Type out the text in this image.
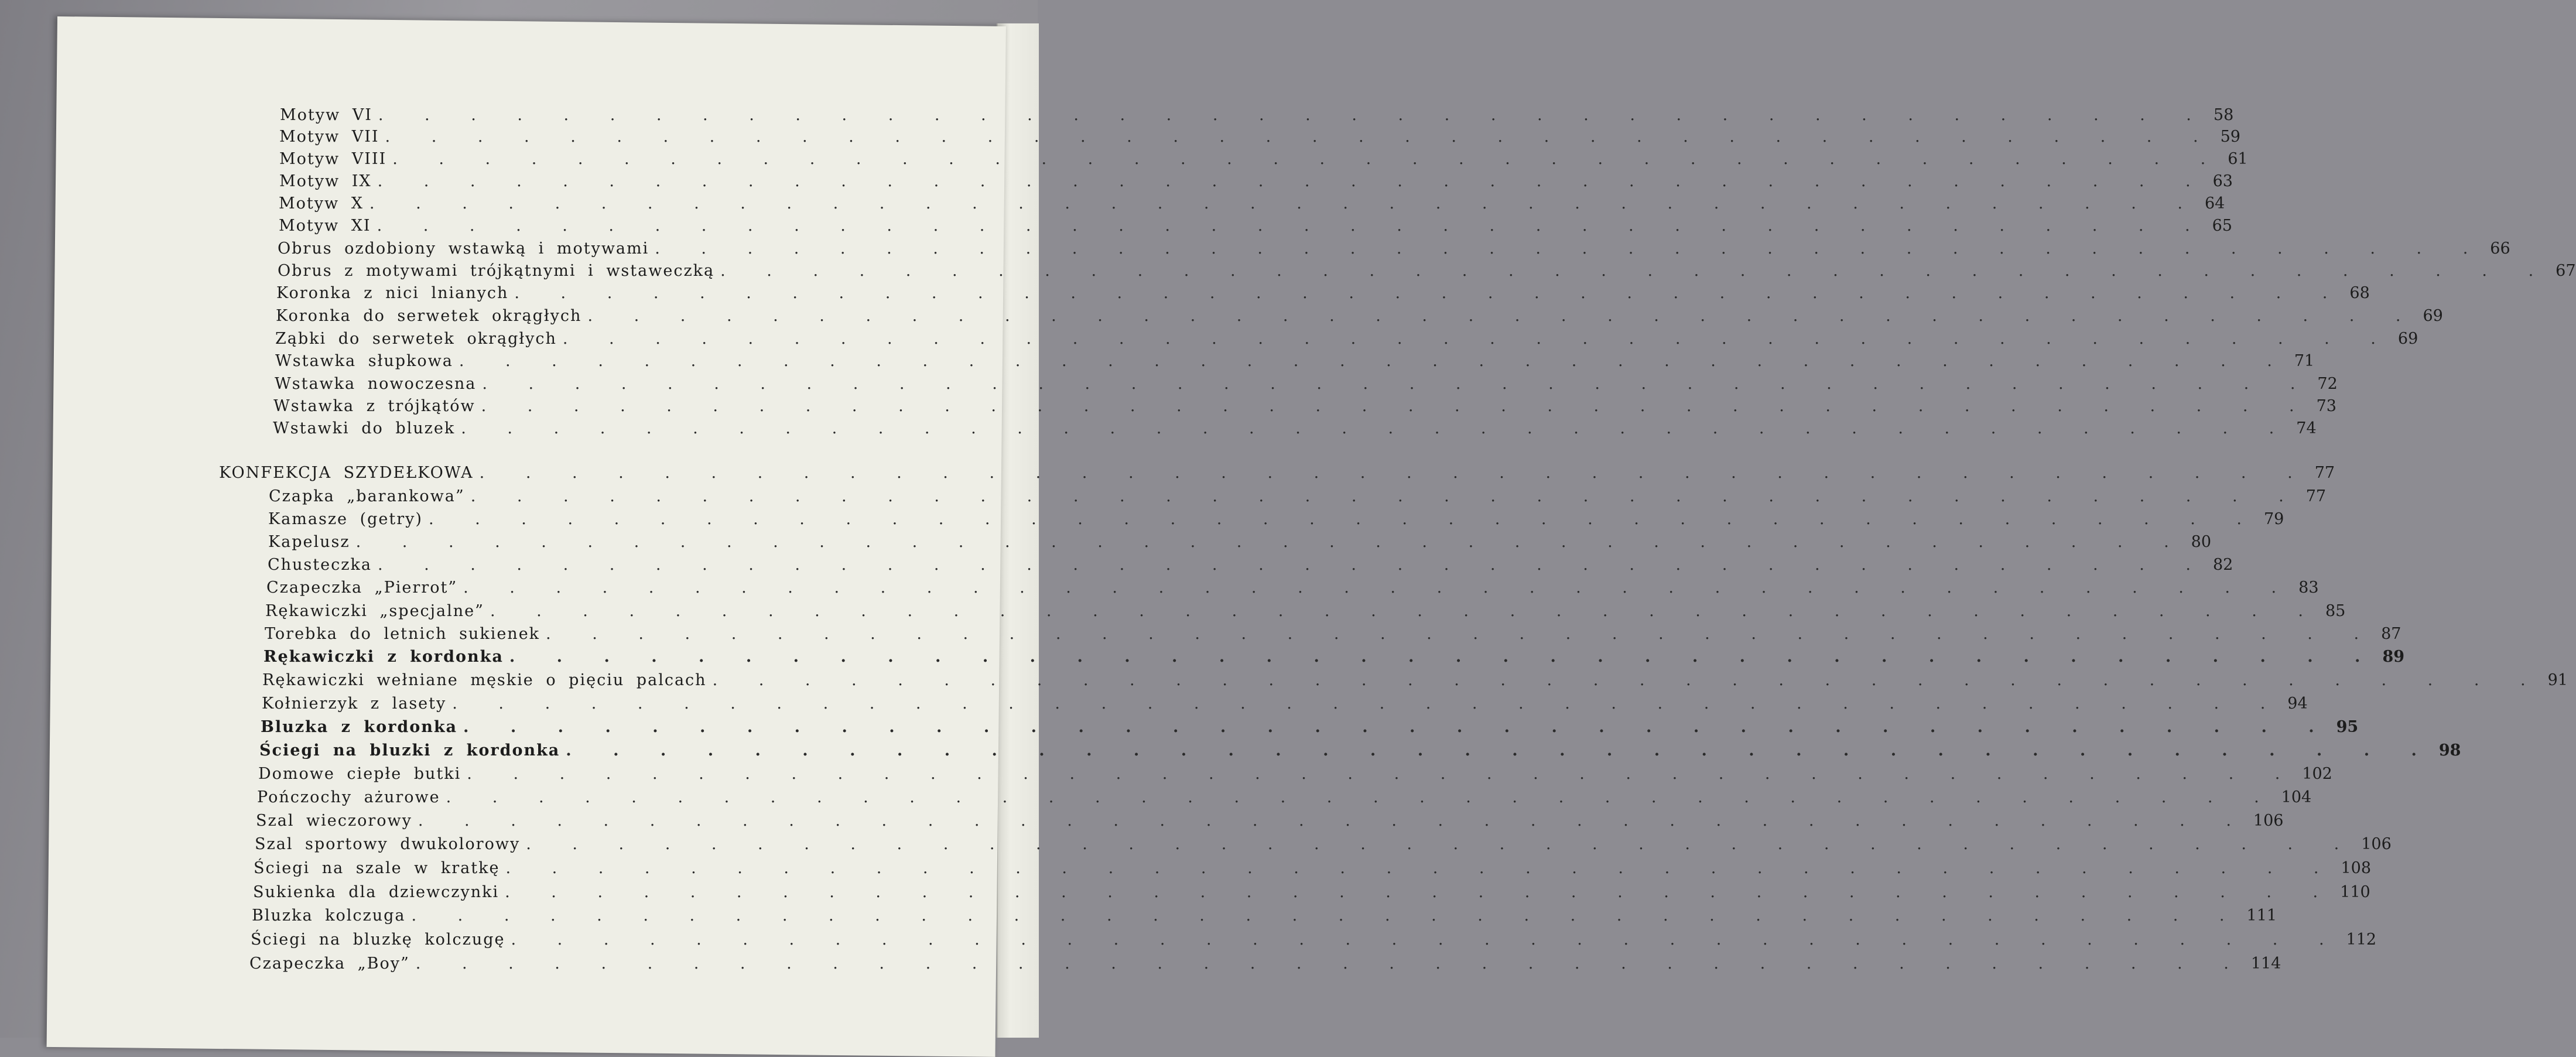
Motyw VI . . . . . . . . . . . . . . . . . . . . . . . . . . . . . . . . . . . . . . . . 58
Motyw VII . . . . . . . . . . . . . . . . . . . . . . . . . . . . . . . . . . . . . . . . 59
Motyw VIII . . . . . . . . . . . . . . . . . . . . . . . . . . . . . . . . . . . . . . . . 61
Motyw IX . . . . . . . . . . . . . . . . . . . . . . . . . . . . . . . . . . . . . . . . 63
Motyw X . . . . . . . . . . . . . . . . . . . . . . . . . . . . . . . . . . . . . . . . 64
Motyw XI . . . . . . . . . . . . . . . . . . . . . . . . . . . . . . . . . . . . . . . . 65
Obrus ozdobiony wstawką i motywami . . . . . . . . . . . . . . . . . . . . . . . . . . . . . . . . . . . . . . . . 66
Obrus z motywami trójkątnymi i wstaweczką . . . . . . . . . . . . . . . . . . . . . . . . . . . . . . . . . . . . . . . . 67
Koronka z nici lnianych . . . . . . . . . . . . . . . . . . . . . . . . . . . . . . . . . . . . . . . . 68
Koronka do serwetek okrągłych . . . . . . . . . . . . . . . . . . . . . . . . . . . . . . . . . . . . . . . . 69
Ząbki do serwetek okrągłych . . . . . . . . . . . . . . . . . . . . . . . . . . . . . . . . . . . . . . . . 69
Wstawka słupkowa . . . . . . . . . . . . . . . . . . . . . . . . . . . . . . . . . . . . . . . . 71
Wstawka nowoczesna . . . . . . . . . . . . . . . . . . . . . . . . . . . . . . . . . . . . . . . . 72
Wstawka z trójkątów . . . . . . . . . . . . . . . . . . . . . . . . . . . . . . . . . . . . . . . . 73
Wstawki do bluzek . . . . . . . . . . . . . . . . . . . . . . . . . . . . . . . . . . . . . . . . 74
KONFEKCJA SZYDEŁKOWA . . . . . . . . . . . . . . . . . . . . . . . . . . . . . . . . . . . . . . . . 77
Czapka „barankowa” . . . . . . . . . . . . . . . . . . . . . . . . . . . . . . . . . . . . . . . . 77
Kamasze (getry) . . . . . . . . . . . . . . . . . . . . . . . . . . . . . . . . . . . . . . . . 79
Kapelusz . . . . . . . . . . . . . . . . . . . . . . . . . . . . . . . . . . . . . . . . 80
Chusteczka . . . . . . . . . . . . . . . . . . . . . . . . . . . . . . . . . . . . . . . . 82
Czapeczka „Pierrot” . . . . . . . . . . . . . . . . . . . . . . . . . . . . . . . . . . . . . . . . 83
Rękawiczki „specjalne” . . . . . . . . . . . . . . . . . . . . . . . . . . . . . . . . . . . . . . . . 85
Torebka do letnich sukienek . . . . . . . . . . . . . . . . . . . . . . . . . . . . . . . . . . . . . . . . 87
Rękawiczki z kordonka . . . . . . . . . . . . . . . . . . . . . . . . . . . . . . . . . . . . . . . . 89
Rękawiczki wełniane męskie o pięciu palcach . . . . . . . . . . . . . . . . . . . . . . . . . . . . . . . . . . . . . . . . 91
Kołnierzyk z lasety . . . . . . . . . . . . . . . . . . . . . . . . . . . . . . . . . . . . . . . . 94
Bluzka z kordonka . . . . . . . . . . . . . . . . . . . . . . . . . . . . . . . . . . . . . . . . 95
Ściegi na bluzki z kordonka . . . . . . . . . . . . . . . . . . . . . . . . . . . . . . . . . . . . . . . . 98
Domowe ciepłe butki . . . . . . . . . . . . . . . . . . . . . . . . . . . . . . . . . . . . . . . . 102
Pończochy ażurowe . . . . . . . . . . . . . . . . . . . . . . . . . . . . . . . . . . . . . . . . 104
Szal wieczorowy . . . . . . . . . . . . . . . . . . . . . . . . . . . . . . . . . . . . . . . . 106
Szal sportowy dwukolorowy . . . . . . . . . . . . . . . . . . . . . . . . . . . . . . . . . . . . . . . . 106
Ściegi na szale w kratkę . . . . . . . . . . . . . . . . . . . . . . . . . . . . . . . . . . . . . . . . 108
Sukienka dla dziewczynki . . . . . . . . . . . . . . . . . . . . . . . . . . . . . . . . . . . . . . . . 110
Bluzka kolczuga . . . . . . . . . . . . . . . . . . . . . . . . . . . . . . . . . . . . . . . . 111
Ściegi na bluzkę kolczugę . . . . . . . . . . . . . . . . . . . . . . . . . . . . . . . . . . . . . . . . 112
Czapeczka „Boy” . . . . . . . . . . . . . . . . . . . . . . . . . . . . . . . . . . . . . . . . 114
